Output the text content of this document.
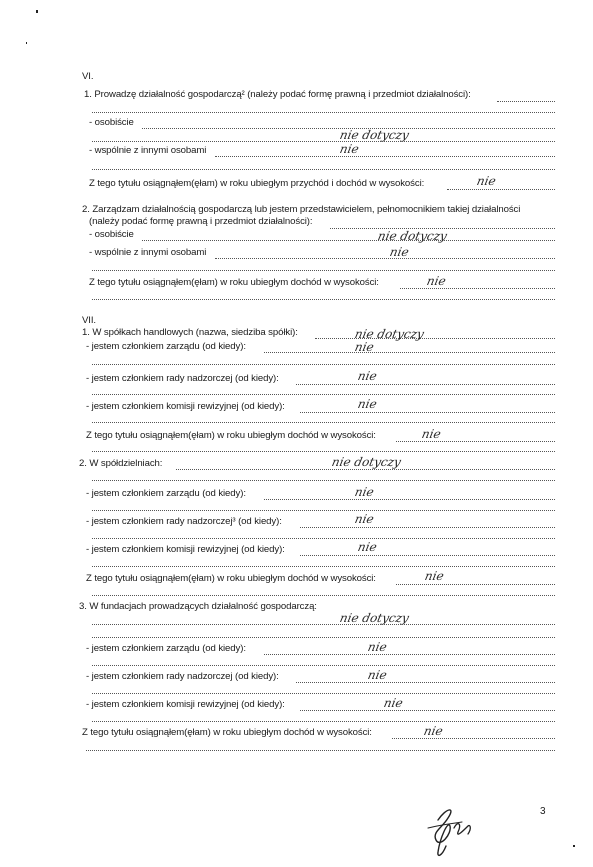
VI.
1. Prowadzę działalność gospodarczą² (należy podać formę prawną i przedmiot działalności):
- osobiście
nie dotyczy
- wspólnie z innymi osobami	nie
Z tego tytułu osiągnąłem(ęłam) w roku ubiegłym przychód i dochód w wysokości:	nie
2. Zarządzam działalnością gospodarczą lub jestem przedstawicielem, pełnomocnikiem takiej działalności
(należy podać formę prawną i przedmiot działalności):
- osobiście	nie dotyczy
- wspólnie z innymi osobami	nie
Z tego tytułu osiągnąłem(ęłam) w roku ubiegłym dochód w wysokości:	nie
VII.
1. W spółkach handlowych (nazwa, siedziba spółki):	nie dotyczy
- jestem członkiem zarządu (od kiedy):	nie
- jestem członkiem rady nadzorczej (od kiedy):	nie
- jestem członkiem komisji rewizyjnej (od kiedy):	nie
Z tego tytułu osiągnąłem(ęłam) w roku ubiegłym dochód w wysokości:	nie
2. W spółdzielniach:	nie dotyczy
- jestem członkiem zarządu (od kiedy):	nie
- jestem członkiem rady nadzorczej³ (od kiedy):	nie
- jestem członkiem komisji rewizyjnej (od kiedy):	nie
Z tego tytułu osiągnąłem(ęłam) w roku ubiegłym dochód w wysokości:	nie
3. W fundacjach prowadzących działalność gospodarczą:
nie dotyczy
- jestem członkiem zarządu (od kiedy):	nie
- jestem członkiem rady nadzorczej (od kiedy):	nie
- jestem członkiem komisji rewizyjnej (od kiedy):	nie
Z tego tytułu osiągnąłem(ęłam) w roku ubiegłym dochód w wysokości:	nie
3
